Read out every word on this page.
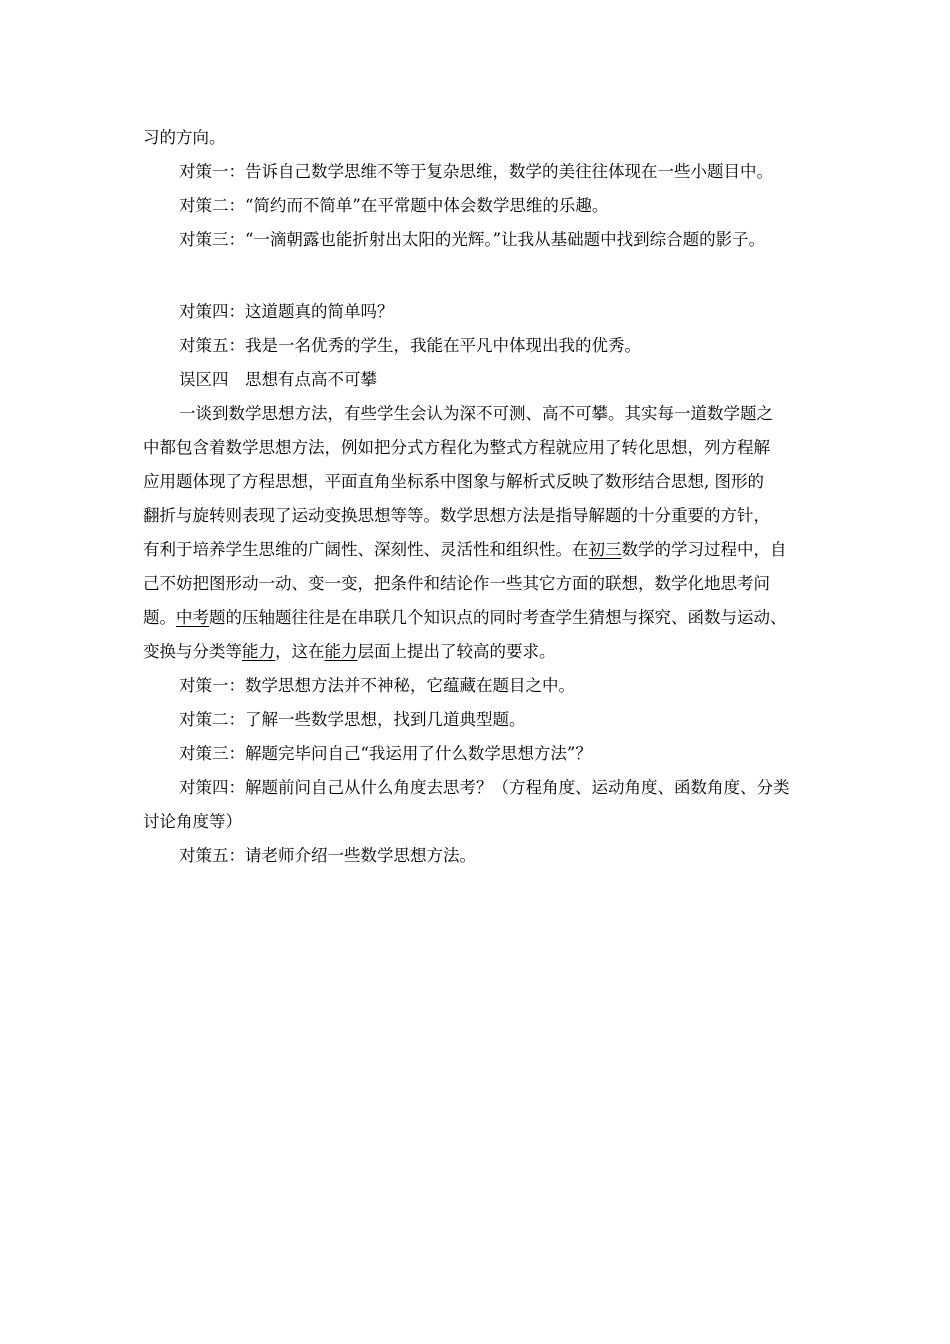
习的方向。
对策一：告诉自己数学思维不等于复杂思维，数学的美往往体现在一些小题目中。
对策二：“简约而不简单”在平常题中体会数学思维的乐趣。
对策三：“一滴朝露也能折射出太阳的光辉。”让我从基础题中找到综合题的影子。
对策四：这道题真的简单吗？
对策五：我是一名优秀的学生，我能在平凡中体现出我的优秀。
误区四　思想有点高不可攀
一谈到数学思想方法，有些学生会认为深不可测、高不可攀。其实每一道数学题之
中都包含着数学思想方法，例如把分式方程化为整式方程就应用了转化思想，列方程解
应用题体现了方程思想，平面直角坐标系中图象与解析式反映了数形结合思想, 图形的
翻折与旋转则表现了运动变换思想等等。数学思想方法是指导解题的十分重要的方针，
有利于培养学生思维的广阔性、深刻性、灵活性和组织性。在初三数学的学习过程中，自
己不妨把图形动一动、变一变，把条件和结论作一些其它方面的联想，数学化地思考问
题。中考题的压轴题往往是在串联几个知识点的同时考查学生猜想与探究、函数与运动、
变换与分类等能力，这在能力层面上提出了较高的要求。
对策一：数学思想方法并不神秘，它蕴藏在题目之中。
对策二：了解一些数学思想，找到几道典型题。
对策三：解题完毕问自己“我运用了什么数学思想方法”？
对策四：解题前问自己从什么角度去思考？（方程角度、运动角度、函数角度、分类
讨论角度等）
对策五：请老师介绍一些数学思想方法。
